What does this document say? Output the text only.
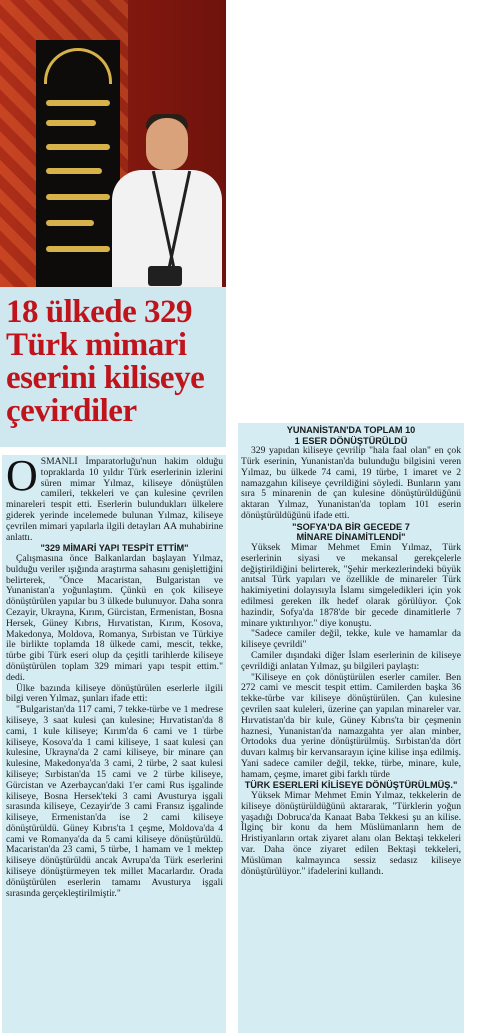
18 ülkede 329
Türk mimari
eserini kiliseye
çevirdiler

OSMANLI İmparatorluğu'nun hakim olduğu topraklarda 10 yıldır Türk eserlerinin izlerini süren mimar Yılmaz, kiliseye dönüştülen camileri, tekkeleri ve çan kulesine çevrilen minareleri tespit etti. Eserlerin bulundukları ülkelere giderek yerinde incelemede bulunan Yılmaz, kiliseye çevrilen mimari yapılarla ilgili detayları AA muhabirine anlattı.

"329 MİMARİ YAPI TESPİT ETTİM"

Çalışmasına önce Balkanlardan başlayan Yılmaz, bulduğu veriler ışığında araştırma sahasını genişlettiğini belirterek, "Önce Macaristan, Bulgaristan ve Yunanistan'a yoğunlaştım. Çünkü en çok kiliseye dönüştürülen yapılar bu 3 ülkede bulunuyor. Daha sonra Cezayir, Ukrayna, Kırım, Gürcistan, Ermenistan, Bosna Hersek, Güney Kıbrıs, Hırvatistan, Kırım, Kosova, Makedonya, Moldova, Romanya, Sırbistan ve Türkiye ile birlikte toplamda 18 ülkede cami, mescit, tekke, türbe gibi Türk eseri olup da çeşitli tarihlerde kiliseye dönüştürülen toplam 329 mimari yapı tespit ettim." dedi.

Ülke bazında kiliseye dönüştürülen eserlerle ilgili bilgi veren Yılmaz, şunları ifade etti:

"Bulgaristan'da 117 cami, 7 tekke-türbe ve 1 medrese kiliseye, 3 saat kulesi çan kulesine; Hırvatistan'da 8 cami, 1 kule kiliseye; Kırım'da 6 cami ve 1 türbe kiliseye, Kosova'da 1 cami kiliseye, 1 saat kulesi çan kulesine, Ukrayna'da 2 cami kiliseye, bir minare çan kulesine, Makedonya'da 3 cami, 2 türbe, 2 saat kulesi kiliseye; Sırbistan'da 15 cami ve 2 türbe kiliseye, Gürcistan ve Azerbaycan'daki 1'er cami Rus işgalinde kiliseye, Bosna Hersek'teki 3 cami Avusturya işgali sırasında kiliseye, Cezayir'de 3 cami Fransız işgalinde kiliseye, Ermenistan'da ise 2 cami kiliseye dönüştürüldü. Güney Kıbrıs'ta 1 çeşme, Moldova'da 4 cami ve Romanya'da da 5 cami kiliseye dönüştürüldü. Macaristan'da 23 cami, 5 türbe, 1 hamam ve 1 mektep kiliseye dönüştürüldü ancak Avrupa'da Türk eserlerini kiliseye dönüştürmeyen tek millet Macarlardır. Orada dönüştürülen eserlerin tamamı Avusturya işgali sırasında gerçekleştirilmiştir."

YUNANİSTAN'DA TOPLAM 10
1 ESER DÖNÜŞTÜRÜLDÜ

329 yapıdan kiliseye çevrilip "hala faal olan" en çok Türk eserinin, Yunanistan'da bulunduğu bilgisini veren Yılmaz, bu ülkede 74 cami, 19 türbe, 1 imaret ve 2 namazgahın kiliseye çevrildiğini söyledi. Bunların yanı sıra 5 minarenin de çan kulesine dönüştürüldüğünü aktaran Yılmaz, Yunanistan'da toplam 101 eserin dönüştürüldüğünü ifade etti.

"SOFYA'DA BİR GECEDE 7
MİNARE DİNAMİTLENDİ"

Yüksek Mimar Mehmet Emin Yılmaz, Türk eserlerinin siyasi ve mekansal gerekçelerle değiştirildiğini belirterek, "Şehir merkezlerindeki büyük anıtsal Türk yapıları ve özellikle de minareler Türk hakimiyetini dolayısıyla İslamı simgeledikleri için yok edilmesi gereken ilk hedef olarak görülüyor. Çok hazindir, Sofya'da 1878'de bir gecede dinamitlerle 7 minare yıktırılıyor." diye konuştu.

"Sadece camiler değil, tekke, kule ve hamamlar da kiliseye çevrildi"

Camiler dışındaki diğer İslam eserlerinin de kiliseye çevrildiği anlatan Yılmaz, şu bilgileri paylaştı:

"Kiliseye en çok dönüştürülen eserler camiler. Ben 272 cami ve mescit tespit ettim. Camilerden başka 36 tekke-türbe var kiliseye dönüştürülen. Çan kulesine çevrilen saat kuleleri, üzerine çan yapılan minareler var. Hırvatistan'da bir kule, Güney Kıbrıs'ta bir çeşmenin haznesi, Yunanistan'da namazgahta yer alan minber, Ortodoks dua yerine dönüştürülmüş. Sırbistan'da dört duvarı kalmış bir kervansarayın içine kilise inşa edilmiş. Yani sadece camiler değil, tekke, türbe, minare, kule, hamam, çeşme, imaret gibi farklı türde

TÜRK ESERLERİ KİLİSEYE DÖNÜŞTÜRÜLMÜŞ."

Yüksek Mimar Mehmet Emin Yılmaz, tekkelerin de kiliseye dönüştürüldüğünü aktararak, "Türklerin yoğun yaşadığı Dobruca'da Kanaat Baba Tekkesi şu an kilise. İlginç bir konu da hem Müslümanların hem de Hristiyanların ortak ziyaret alanı olan Bektaşi tekkeleri var. Daha önce ziyaret edilen Bektaşi tekkeleri, Müslüman kalmayınca sessiz sedasız kiliseye dönüştürülüyor." ifadelerini kullandı.
